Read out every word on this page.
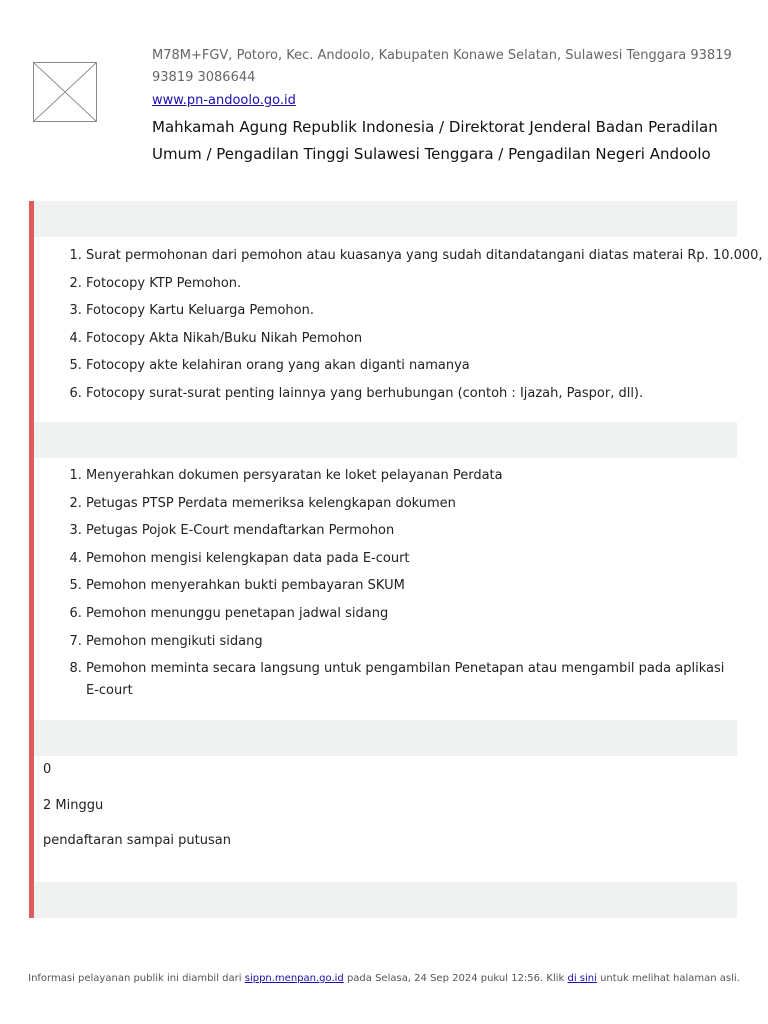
M78M+FGV, Potoro, Kec. Andoolo, Kabupaten Konawe Selatan, Sulawesi Tenggara 93819
93819 3086644
www.pn-andoolo.go.id
Mahkamah Agung Republik Indonesia / Direktorat Jenderal Badan Peradilan Umum / Pengadilan Tinggi Sulawesi Tenggara / Pengadilan Negeri Andoolo
1. Surat permohonan dari pemohon atau kuasanya yang sudah ditandatangani diatas materai Rp. 10.000,
2. Fotocopy KTP Pemohon.
3. Fotocopy Kartu Keluarga Pemohon.
4. Fotocopy Akta Nikah/Buku Nikah Pemohon
5. Fotocopy akte kelahiran orang yang akan diganti namanya
6. Fotocopy surat-surat penting lainnya yang berhubungan (contoh : Ijazah, Paspor, dll).
1. Menyerahkan dokumen persyaratan ke loket pelayanan Perdata
2. Petugas PTSP Perdata memeriksa kelengkapan dokumen
3. Petugas Pojok E-Court mendaftarkan Permohon
4. Pemohon mengisi kelengkapan data pada E-court
5. Pemohon menyerahkan bukti pembayaran SKUM
6. Pemohon menunggu penetapan jadwal sidang
7. Pemohon mengikuti sidang
8. Pemohon meminta secara langsung untuk pengambilan Penetapan atau mengambil pada aplikasi E-court
0
2 Minggu
pendaftaran sampai putusan
Informasi pelayanan publik ini diambil dari sippn.menpan.go.id pada Selasa, 24 Sep 2024 pukul 12:56. Klik di sini untuk melihat halaman asli.
